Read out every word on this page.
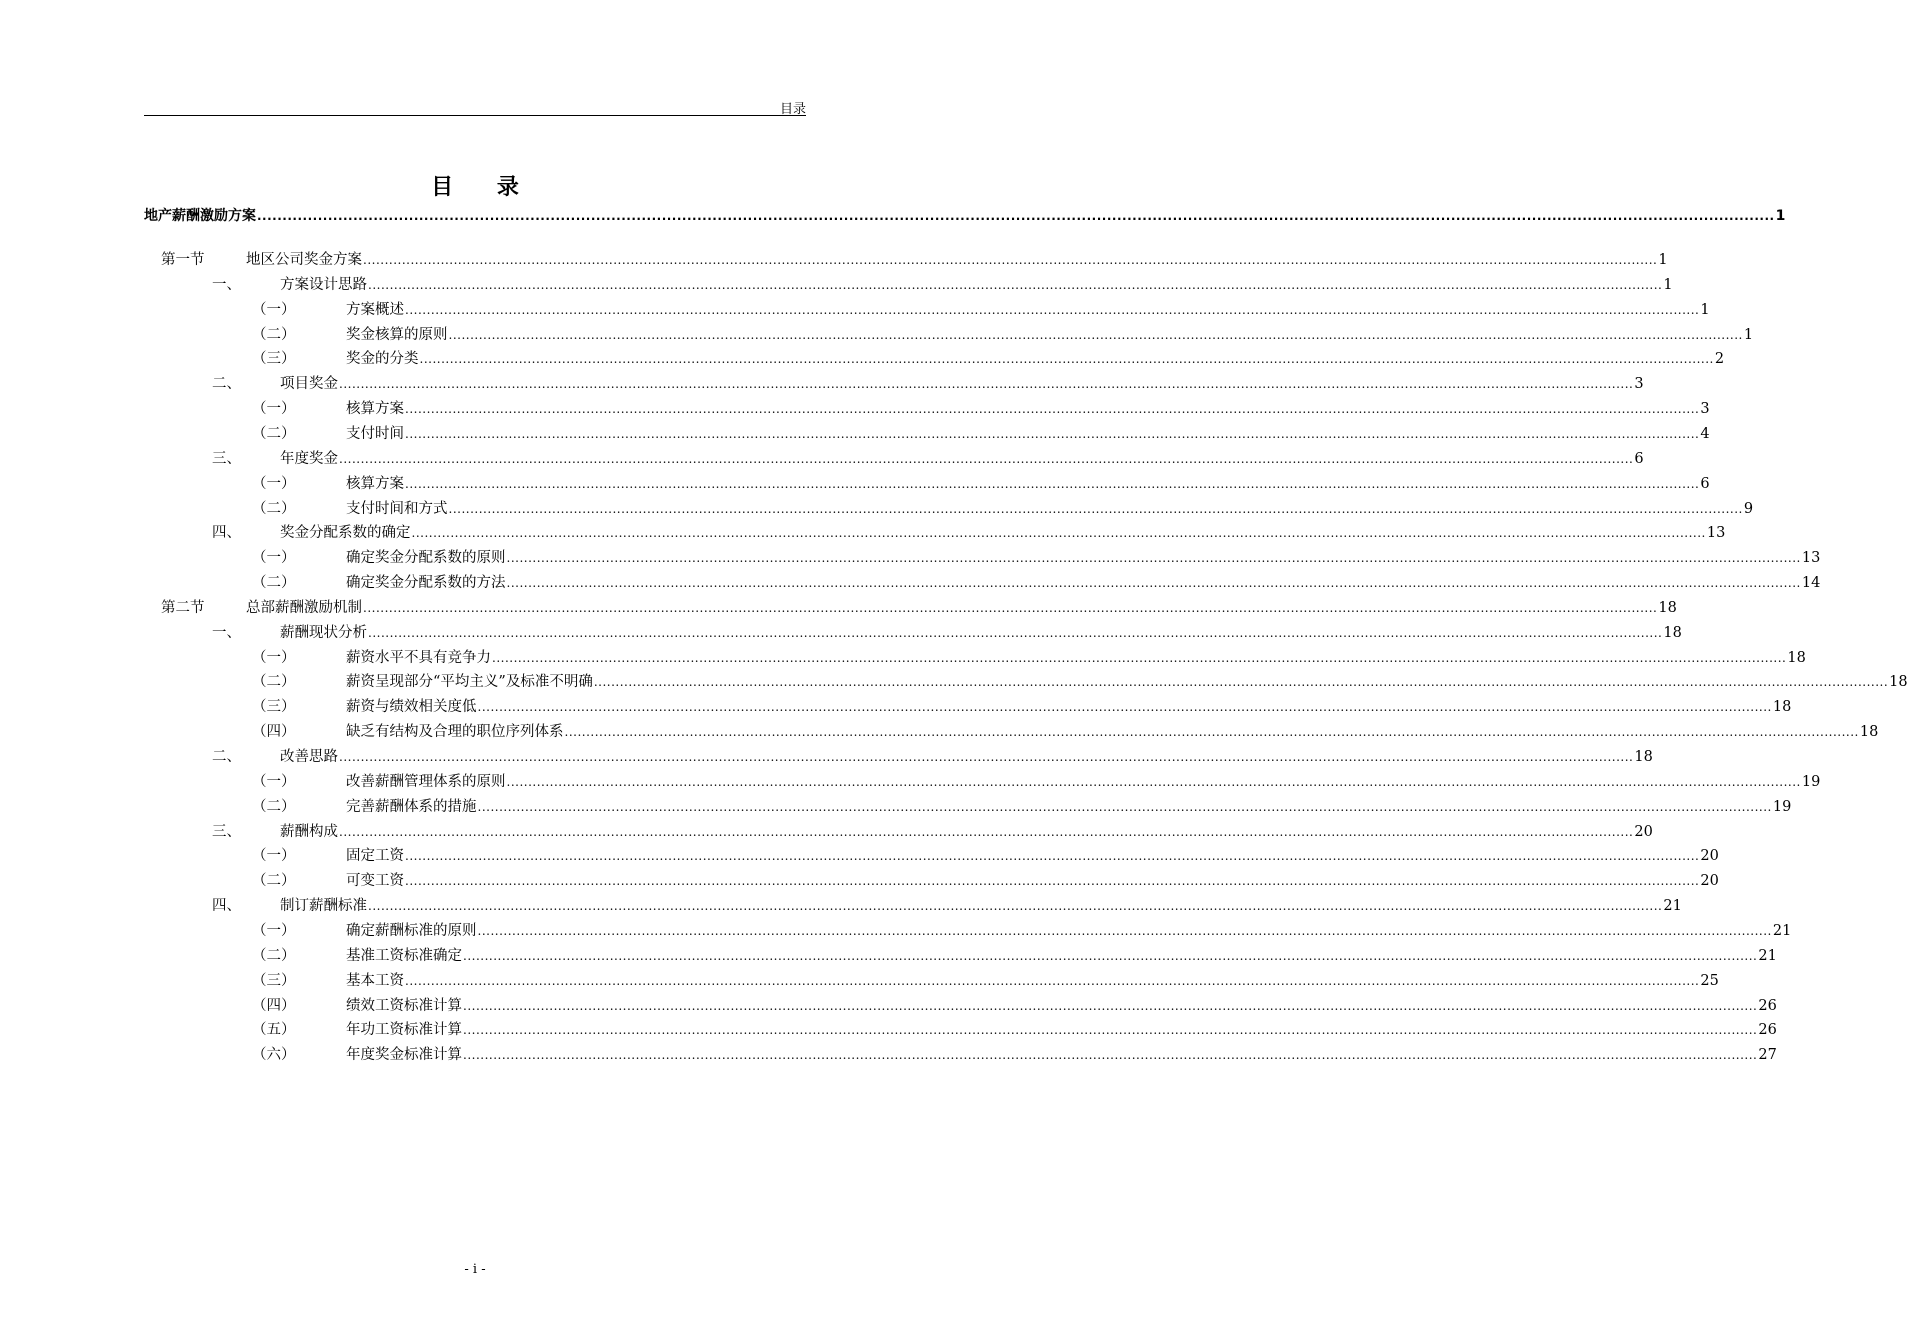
目录
目 录
地产薪酬激励方案 ............................................................................................................................................................................................................................................................................................................ 1
第一节	地区公司奖金方案 ............................................................................................................................................................................................................................................................................................................ 1
一、	方案设计思路 ............................................................................................................................................................................................................................................................................................................ 1
（一）	方案概述 ............................................................................................................................................................................................................................................................................................................ 1
（二）	奖金核算的原则 ............................................................................................................................................................................................................................................................................................................ 1
（三）	奖金的分类 ............................................................................................................................................................................................................................................................................................................ 2
二、	项目奖金 ............................................................................................................................................................................................................................................................................................................ 3
（一）	核算方案 ............................................................................................................................................................................................................................................................................................................ 3
（二）	支付时间 ............................................................................................................................................................................................................................................................................................................ 4
三、	年度奖金 ............................................................................................................................................................................................................................................................................................................ 6
（一）	核算方案 ............................................................................................................................................................................................................................................................................................................ 6
（二）	支付时间和方式 ............................................................................................................................................................................................................................................................................................................ 9
四、	奖金分配系数的确定 ............................................................................................................................................................................................................................................................................................................ 13
（一）	确定奖金分配系数的原则 ............................................................................................................................................................................................................................................................................................................ 13
（二）	确定奖金分配系数的方法 ............................................................................................................................................................................................................................................................................................................ 14
第二节	总部薪酬激励机制 ............................................................................................................................................................................................................................................................................................................ 18
一、	薪酬现状分析 ............................................................................................................................................................................................................................................................................................................ 18
（一）	薪资水平不具有竞争力 ............................................................................................................................................................................................................................................................................................................ 18
（二）	薪资呈现部分“平均主义”及标准不明确 ............................................................................................................................................................................................................................................................................................................ 18
（三）	薪资与绩效相关度低 ............................................................................................................................................................................................................................................................................................................ 18
（四）	缺乏有结构及合理的职位序列体系 ............................................................................................................................................................................................................................................................................................................ 18
二、	改善思路 ............................................................................................................................................................................................................................................................................................................ 18
（一）	改善薪酬管理体系的原则 ............................................................................................................................................................................................................................................................................................................ 19
（二）	完善薪酬体系的措施 ............................................................................................................................................................................................................................................................................................................ 19
三、	薪酬构成 ............................................................................................................................................................................................................................................................................................................ 20
（一）	固定工资 ............................................................................................................................................................................................................................................................................................................ 20
（二）	可变工资 ............................................................................................................................................................................................................................................................................................................ 20
四、	制订薪酬标准 ............................................................................................................................................................................................................................................................................................................ 21
（一）	确定薪酬标准的原则 ............................................................................................................................................................................................................................................................................................................ 21
（二）	基准工资标准确定 ............................................................................................................................................................................................................................................................................................................ 21
（三）	基本工资 ............................................................................................................................................................................................................................................................................................................ 25
（四）	绩效工资标准计算 ............................................................................................................................................................................................................................................................................................................ 26
（五）	年功工资标准计算 ............................................................................................................................................................................................................................................................................................................ 26
（六）	年度奖金标准计算 ............................................................................................................................................................................................................................................................................................................ 27
- i -
